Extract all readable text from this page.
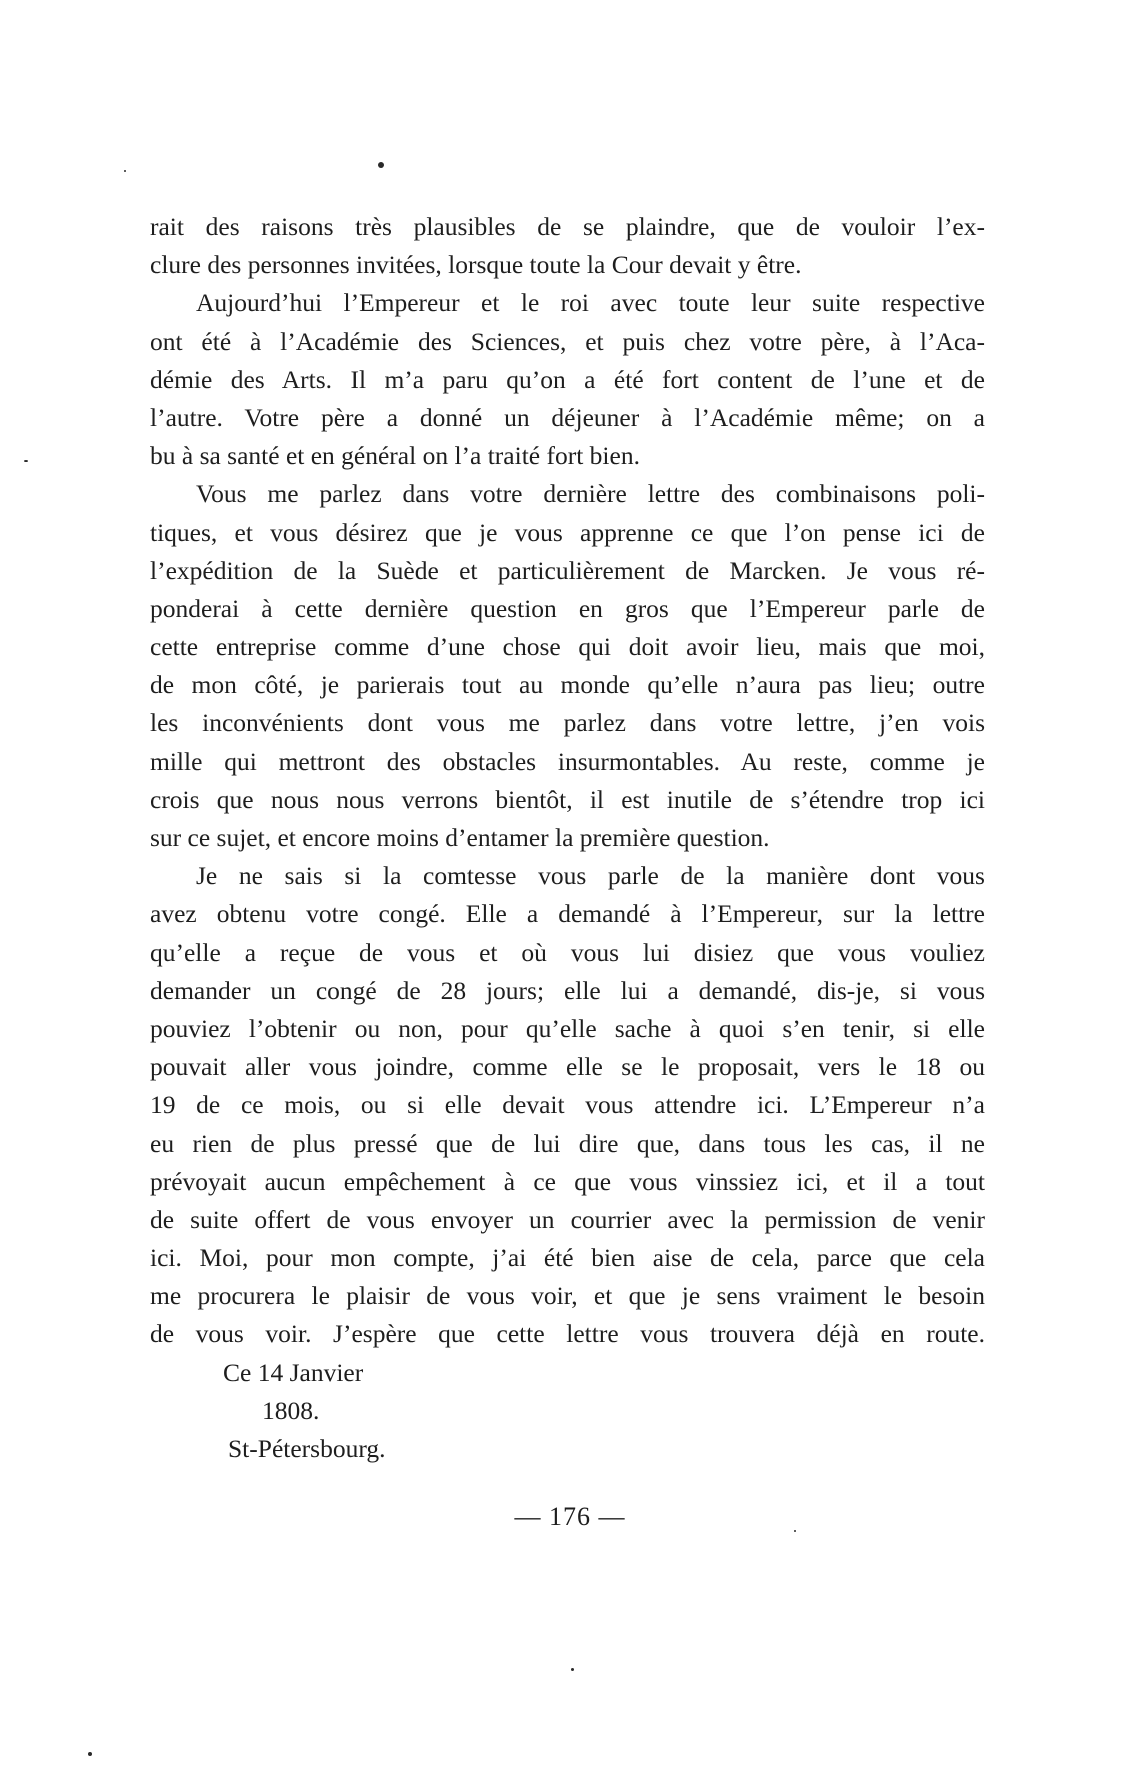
rait des raisons très plausibles de se plaindre, que de vouloir l’ex-
clure des personnes invitées, lorsque toute la Cour devait y être.
Aujourd’hui l’Empereur et le roi avec toute leur suite respective
ont été à l’Académie des Sciences, et puis chez votre père, à l’Aca-
démie des Arts. Il m’a paru qu’on a été fort content de l’une et de
l’autre. Votre père a donné un déjeuner à l’Académie même; on a
bu à sa santé et en général on l’a traité fort bien.
Vous me parlez dans votre dernière lettre des combinaisons poli-
tiques, et vous désirez que je vous apprenne ce que l’on pense ici de
l’expédition de la Suède et particulièrement de Marcken. Je vous ré-
ponderai à cette dernière question en gros que l’Empereur parle de
cette entreprise comme d’une chose qui doit avoir lieu, mais que moi,
de mon côté, je parierais tout au monde qu’elle n’aura pas lieu; outre
les inconvénients dont vous me parlez dans votre lettre, j’en vois
mille qui mettront des obstacles insurmontables. Au reste, comme je
crois que nous nous verrons bientôt, il est inutile de s’étendre trop ici
sur ce sujet, et encore moins d’entamer la première question.
Je ne sais si la comtesse vous parle de la manière dont vous
avez obtenu votre congé. Elle a demandé à l’Empereur, sur la lettre
qu’elle a reçue de vous et où vous lui disiez que vous vouliez
demander un congé de 28 jours; elle lui a demandé, dis-je, si vous
pouviez l’obtenir ou non, pour qu’elle sache à quoi s’en tenir, si elle
pouvait aller vous joindre, comme elle se le proposait, vers le 18 ou
19 de ce mois, ou si elle devait vous attendre ici. L’Empereur n’a
eu rien de plus pressé que de lui dire que, dans tous les cas, il ne
prévoyait aucun empêchement à ce que vous vinssiez ici, et il a tout
de suite offert de vous envoyer un courrier avec la permission de venir
ici. Moi, pour mon compte, j’ai été bien aise de cela, parce que cela
me procurera le plaisir de vous voir, et que je sens vraiment le besoin
de vous voir. J’espère que cette lettre vous trouvera déjà en route.
Ce 14 Janvier
1808.
St-Pétersbourg.
— 176 —
